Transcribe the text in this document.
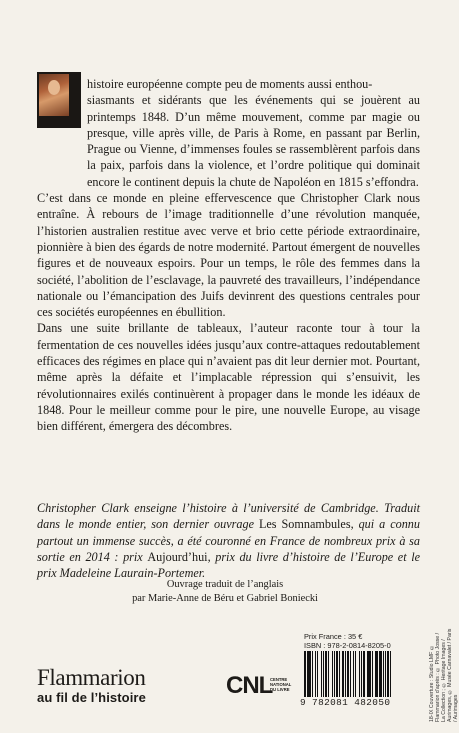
histoire européenne compte peu de moments aussi enthou-
siasmants et sidérants que les événements qui se jouèrent au printemps 1848. D’un même mouvement, comme par magie ou presque, ville après ville, de Paris à Rome, en passant par Berlin, Prague ou Vienne, d’immenses foules se rassemblèrent parfois dans la paix, parfois dans la violence, et l’ordre politique qui dominait encore le continent depuis la chute de Napoléon en 1815 s’effondra.

C’est dans ce monde en pleine effervescence que Christopher Clark nous entraîne. À rebours de l’image traditionnelle d’une révolution manquée, l’historien australien restitue avec verve et brio cette période extraordinaire, pionnière à bien des égards de notre modernité. Partout émergent de nouvelles figures et de nouveaux espoirs. Pour un temps, le rôle des femmes dans la société, l’abolition de l’esclavage, la pauvreté des travailleurs, l’indépendance nationale ou l’émancipation des Juifs devinrent des questions centrales pour ces sociétés européennes en ébullition.

Dans une suite brillante de tableaux, l’auteur raconte tour à tour la fermentation de ces nouvelles idées jusqu’aux contre-attaques redoutablement efficaces des régimes en place qui n’avaient pas dit leur dernier mot. Pourtant, même après la défaite et l’implacable répression qui s’ensuivit, les révolutionnaires exilés continuèrent à propager dans le monde les idéaux de 1848. Pour le meilleur comme pour le pire, une nouvelle Europe, au visage bien différent, émergera des décombres.

Christopher Clark enseigne l’histoire à l’université de Cambridge. Traduit dans le monde entier, son dernier ouvrage Les Somnambules, qui a connu partout un immense succès, a été couronné en France de nombreux prix à sa sortie en 2014 : prix Aujourd’hui, prix du livre d’histoire de l’Europe et le prix Madeleine Laurain-Portemer.
Ouvrage traduit de l’anglais
par Marie-Anne de Béru et Gabriel Boniecki
Prix France : 35 €
ISBN : 978-2-0814-8205-0
9 782081 482050	18-IX Couverture : Studio LMF © Flammarion d’après : © Photo Josse / La Collection ; © Heritage Images / Aurimages, © Musée Carnavalet / Paris / Aurimages
Flammarion
au fil de l’histoire	CNL
CENTRE NATIONAL DU LIVRE
